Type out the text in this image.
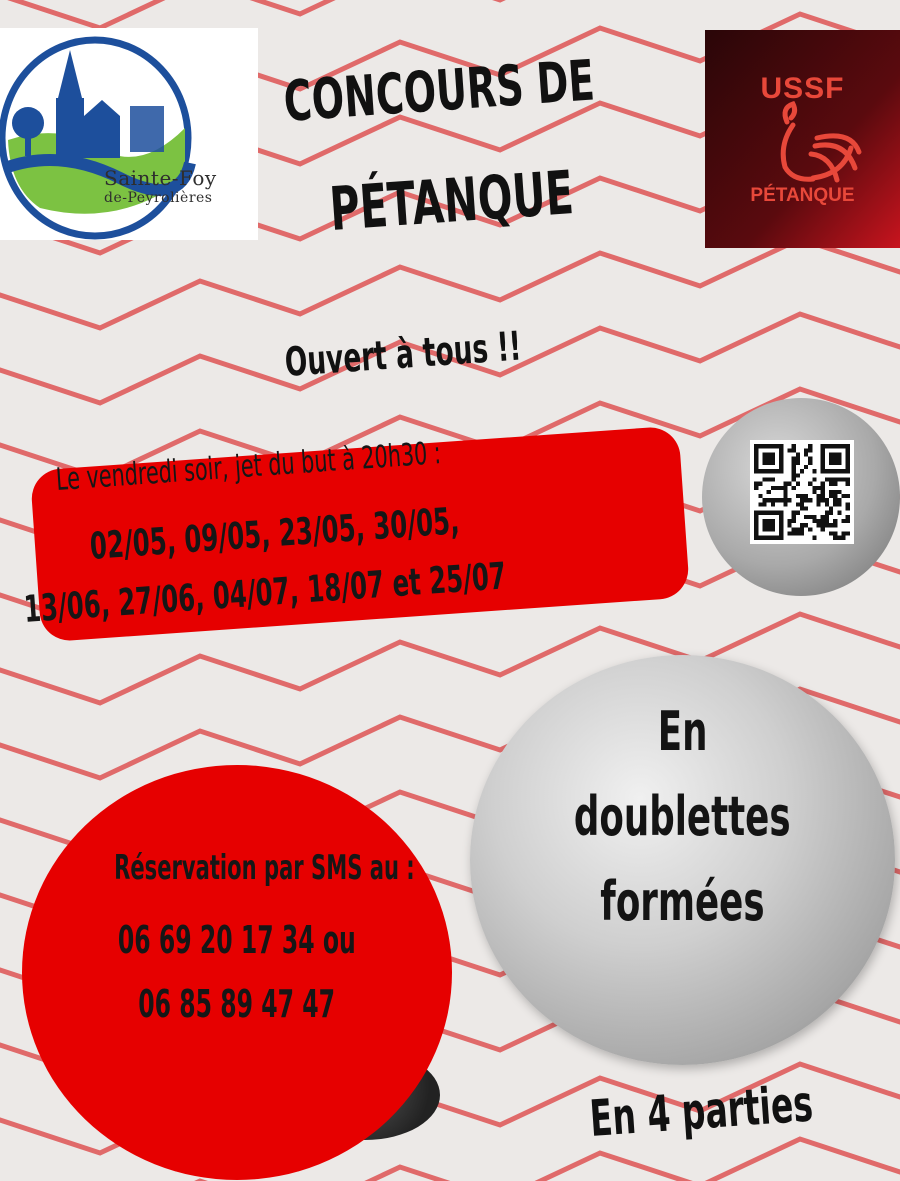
Sainte-Foy
de-Peyrolières
USSF
PÉTANQUE
CONCOURS DE
PÉTANQUE
Ouvert à tous !!
Le vendredi soir, jet du but à 20h30 :
02/05, 09/05, 23/05, 30/05,
13/06, 27/06, 04/07, 18/07 et 25/07
En
doublettes
formées
Réservation par SMS au :
06 69 20 17 34 ou
06 85 89 47 47
En 4 parties
